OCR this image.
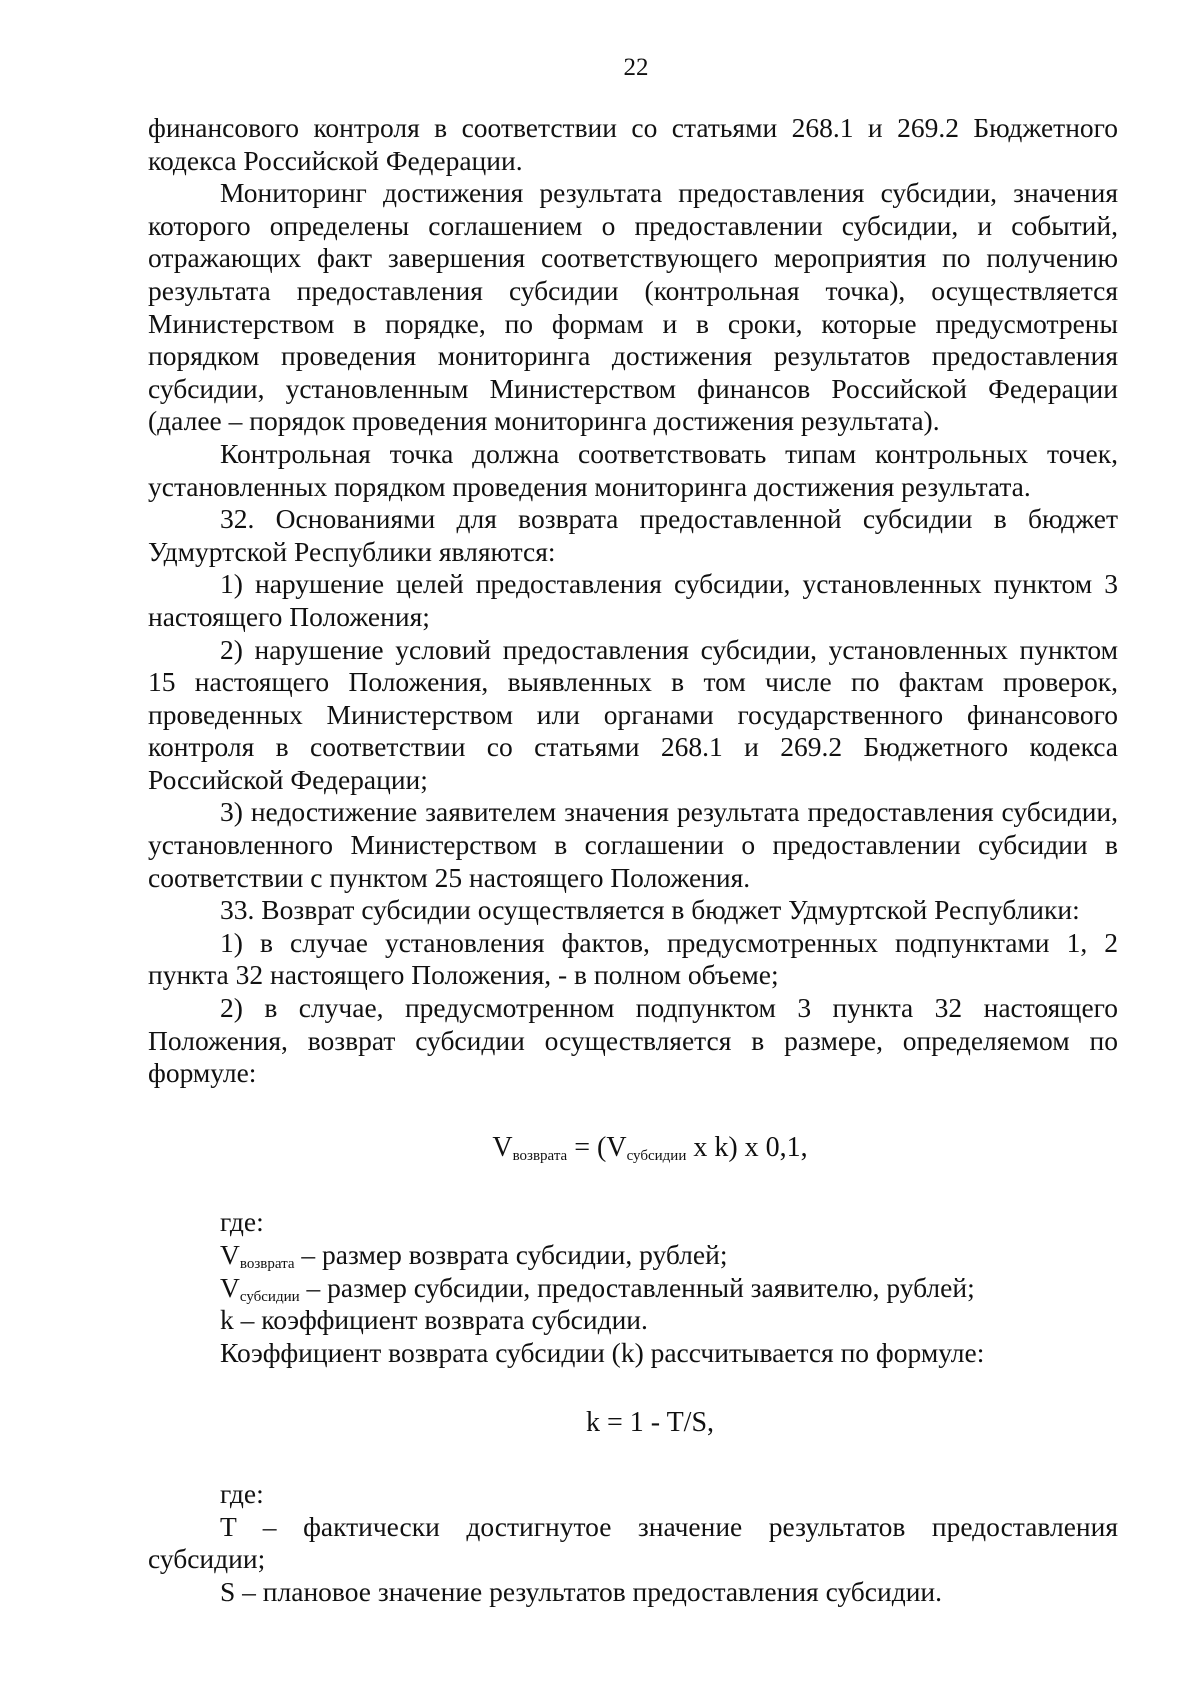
22

финансового контроля в соответствии со статьями 268.1 и 269.2 Бюджетного кодекса Российской Федерации.

Мониторинг достижения результата предоставления субсидии, значения которого определены соглашением о предоставлении субсидии, и событий, отражающих факт завершения соответствующего мероприятия по получению результата предоставления субсидии (контрольная точка), осуществляется Министерством в порядке, по формам и в сроки, которые предусмотрены порядком проведения мониторинга достижения результатов предоставления субсидии, установленным Министерством финансов Российской Федерации (далее – порядок проведения мониторинга достижения результата).

Контрольная точка должна соответствовать типам контрольных точек, установленных порядком проведения мониторинга достижения результата.

32. Основаниями для возврата предоставленной субсидии в бюджет Удмуртской Республики являются:

1) нарушение целей предоставления субсидии, установленных пунктом 3 настоящего Положения;

2) нарушение условий предоставления субсидии, установленных пунктом 15 настоящего Положения, выявленных в том числе по фактам проверок, проведенных Министерством или органами государственного финансового контроля в соответствии со статьями 268.1 и 269.2 Бюджетного кодекса Российской Федерации;

3) недостижение заявителем значения результата предоставления субсидии, установленного Министерством в соглашении о предоставлении субсидии в соответствии с пунктом 25 настоящего Положения.

33. Возврат субсидии осуществляется в бюджет Удмуртской Республики:

1) в случае установления фактов, предусмотренных подпунктами 1, 2 пункта 32 настоящего Положения, - в полном объеме;

2) в случае, предусмотренном подпунктом 3 пункта 32 настоящего Положения, возврат субсидии осуществляется в размере, определяемом по формуле:

$V_{возврата} = (V_{субсидии}$ x k) x 0,1,

где:

$V_{возврата}$ – размер возврата субсидии, рублей;

$V_{субсидии}$ – размер субсидии, предоставленный заявителю, рублей;

k – коэффициент возврата субсидии.

Коэффициент возврата субсидии (k) рассчитывается по формуле:

k = 1 - T/S,

где:

T – фактически достигнутое значение результатов предоставления субсидии;

S – плановое значение результатов предоставления субсидии.
